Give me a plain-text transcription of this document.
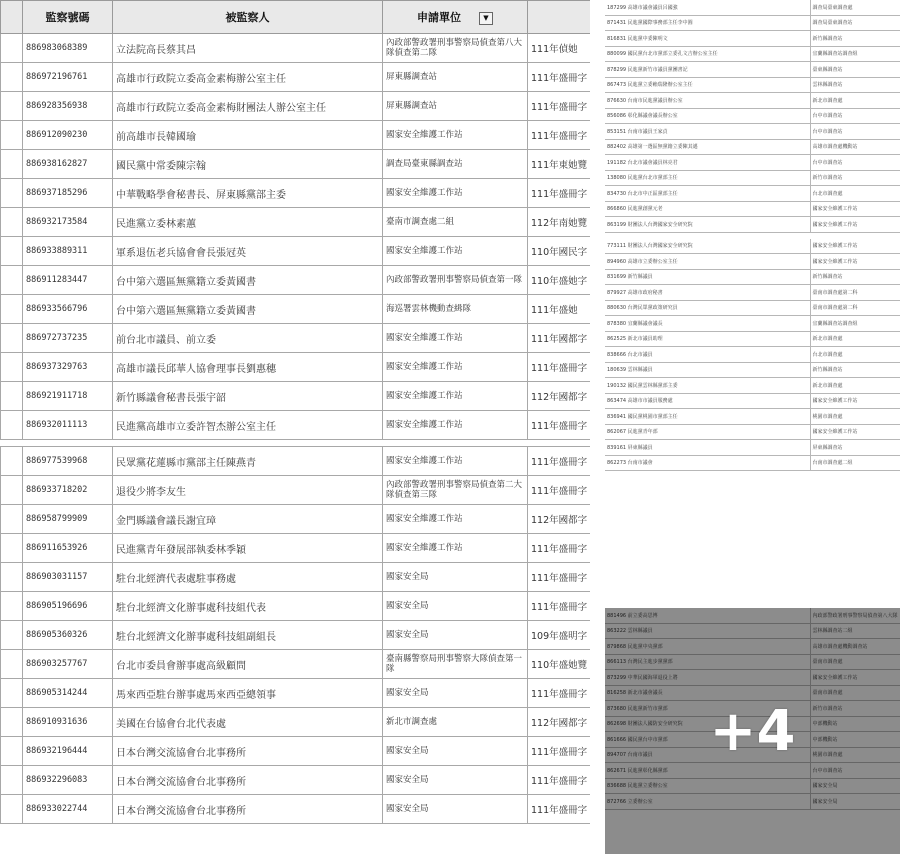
	監察號碼	被監察人	申請單位 ▼	
	886983068389	立法院高長蔡其昌	內政部警政署刑事警察局偵查第八大隊偵查第二隊	111年偵她
	886972196761	高雄市行政院立委高金素梅辦公室主任	屏東縣調查站	111年盛冊字
	886928356938	高雄市行政院立委高金素梅財團法人辦公室主任	屏東縣調查站	111年盛冊字
	886912090230	前高雄市長韓國瑜	國家安全維護工作站	111年盛冊字
	886938162827	國民黨中常委陳宗翰	調查局臺東縣調查站	111年東她覽
	886937185296	中華戰略學會秘書長、屏東縣黨部主委	國家安全維護工作站	111年盛冊字
	886932173584	民進黨立委林素蕙	臺南市調查處二組	112年南她覽
	886933889311	軍系退伍老兵協會會長張冠英	國家安全維護工作站	110年國民字
	886911283447	台中第六選區無黨籍立委黃國書	內政部警政署刑事警察局偵查第一隊	110年盛她字
	886933566796	台中第六選區無黨籍立委黃國書	海巡署雲林機動查緝隊	111年盛她
	886972737235	前台北市議員、前立委	國家安全維護工作站	111年國都字
	886937329763	高雄市議長邱華人協會理事長劉惠穗	國家安全維護工作站	111年盛冊字
	886921911718	新竹縣議會秘書長張宇韶	國家安全維護工作站	112年國都字
	886932011113	民進黨高雄市立委許智杰辦公室主任	國家安全維護工作站	111年盛冊字

	886977539968	民眾黨花蓮縣市黨部主任陳燕青	國家安全維護工作站	111年盛冊字
	886933718202	退役少將李友生	內政部警政署刑事警察局偵查第二大隊偵查第三隊	111年盛冊字
	886958799909	金門縣議會議長謝宜璋	國家安全維護工作站	112年國都字
	886911653926	民進黨青年發展部執委林季穎	國家安全維護工作站	111年盛冊字
	886903031157	駐台北經濟代表處駐事務處	國家安全局	111年盛冊字
	886905196696	駐台北經濟文化辦事處科技組代表	國家安全局	111年盛冊字
	886905360326	駐台北經濟文化辦事處科技組副組長	國家安全局	109年盛明字
	886903257767	台北市委員會辦事處高級顧問	臺南縣警察局刑事警察大隊偵查第一隊	110年盛她覽
	886905314244	馬來西亞駐台辦事處馬來西亞總領事	國家安全局	111年盛冊字
	886910931636	美國在台協會台北代表處	新北市調查處	112年國都字
	886932196444	日本台灣交流協會台北事務所	國家安全局	111年盛冊字
	886932296083	日本台灣交流協會台北事務所	國家安全局	111年盛冊字
	886933022744	日本台灣交流協會台北事務所	國家安全局	111年盛冊字
187299 高雄市議會議員呂國強	調查局臺東調查處
871431 民進黨國際事務部主任李中圓	調查局臺東調查站
816831 民進黨中委陳明文	新竹縣調查站
880099 國民黨台北市黨部立委孔文吉辦公室主任	宜蘭縣調查站調查組
878299 民進黨新竹市議員黨團書記	臺東縣調查站
867473 民進黨立委賴瑞隆辦公室主任	雲林縣調查站
876630 台南市民進黨議員辦公室	新北市調查處
856086 彰化縣議會議長辦公室	台中市調查站
853151 台南市議員王家貞	台中市調查站
882402 高雄第一選區無黨籍立委陳其邁	高雄市調查處機動站
191182 台北市議會議員林亮君	台中市調查站
138080 民進黨台北市黨部主任	新竹市調查站
834730 台北市中正區黨部主任	台北市調查處
866860 民進黨創黨元老	國家安全維護工作站
863199 財團法人台灣國家安全研究院	國家安全維護工作站

773111 財團法人台灣國家安全研究院	國家安全維護工作站
894960 高雄市立委辦公室主任	國家安全維護工作站
831699 新竹縣議員	新竹縣調查站
879927 高雄市政府秘書	臺南市調查處第二科
880630 台灣民眾黨政策研究員	臺南市調查處第二科
878380 宜蘭縣議會議長	宜蘭縣調查站調查組
862525 新北市議員助理	新北市調查處
838666 台北市議員	台北市調查處
180639 雲林縣議員	新竹縣調查站
190132 國民黨雲林縣黨部主委	新北市調查處
863474 高雄市市議員服務處	國家安全維護工作站
836941 國民黨桃園市黨部主任	桃園市調查處
862067 民進黨青年部	國家安全維護工作站
839161 屏東縣議員	屏東縣調查站
862273 台南市議會	台南市調查處二組
881496 前立委高思博	內政部警政署刑事警察局偵查第八大隊
863222 雲林縣議員	雲林縣調查站二組
879868 民進黨中央黨部	高雄市調查處機動調查站
866113 台灣民主進步黨黨部	臺南市調查處
873299 中華民國海軍退役上將	國家安全維護工作站
816258 新北市議會議長	臺南市調查處
873680 民進黨新竹市黨部	新竹市調查站
862698 財團法人國防安全研究院	中部機動站
861666 國民黨台中市黨部	中部機動站
894707 台南市議員	桃園市調查處
862671 民進黨彰化縣黨部	台中市調查站
836688 民進黨立委辦公室	國家安全局
872766 立委辦公室	國家安全局
+4
